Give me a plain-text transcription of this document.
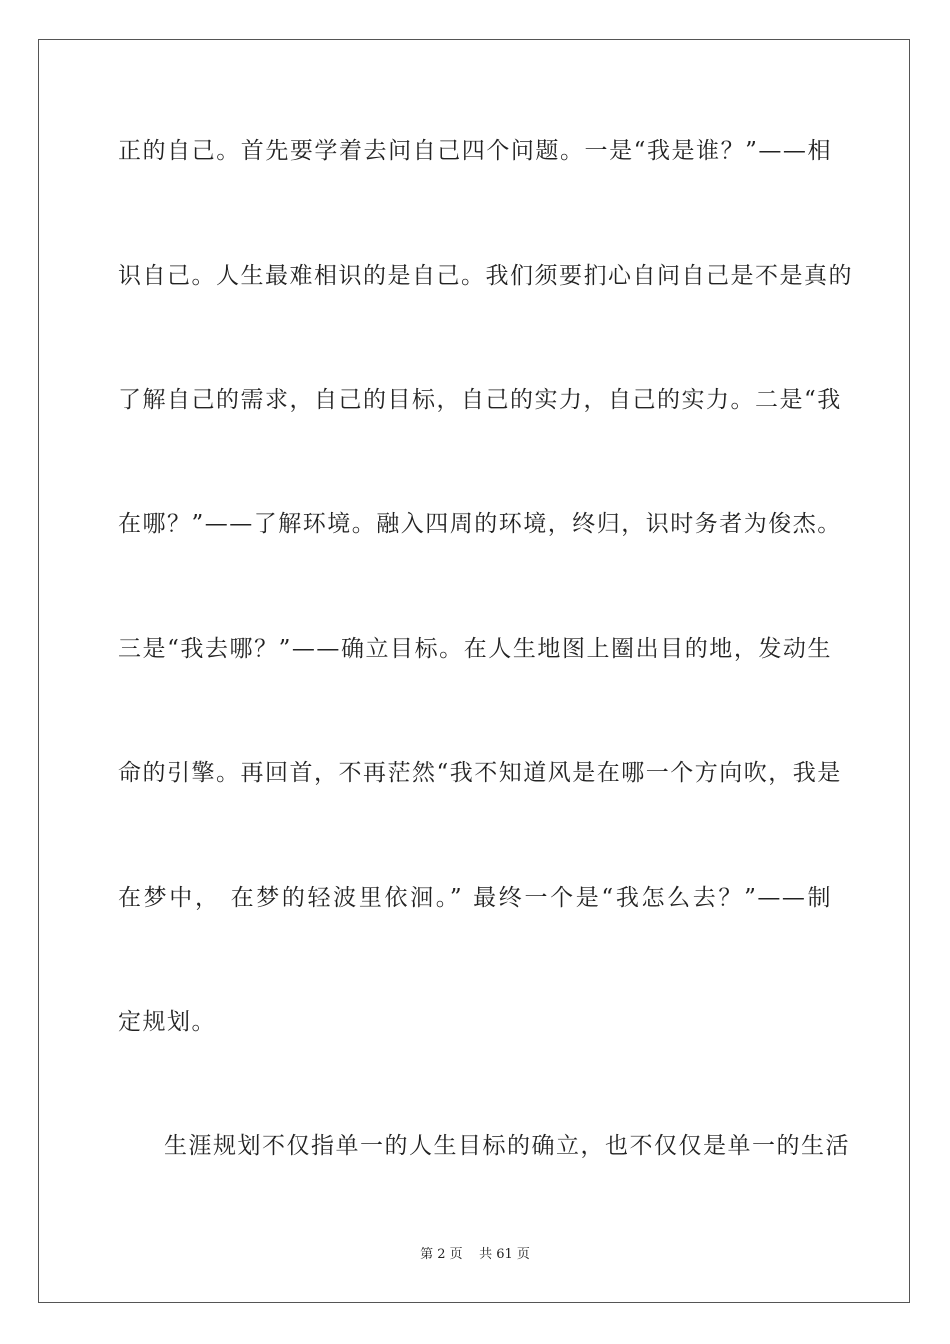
正的自己。首先要学着去问自己四个问题。一是“我是谁？”——相
识自己。人生最难相识的是自己。我们须要扪心自问自己是不是真的
了解自己的需求，自己的目标，自己的实力，自己的实力。二是“我
在哪？”——了解环境。融入四周的环境，终归，识时务者为俊杰。
三是“我去哪？”——确立目标。在人生地图上圈出目的地，发动生
命的引擎。再回首，不再茫然“我不知道风是在哪一个方向吹，我是
在梦中， 在梦的轻波里依洄。” 最终一个是“我怎么去？”——制
定规划。
生涯规划不仅指单一的人生目标的确立，也不仅仅是单一的生活
第 2 页    共 61 页
